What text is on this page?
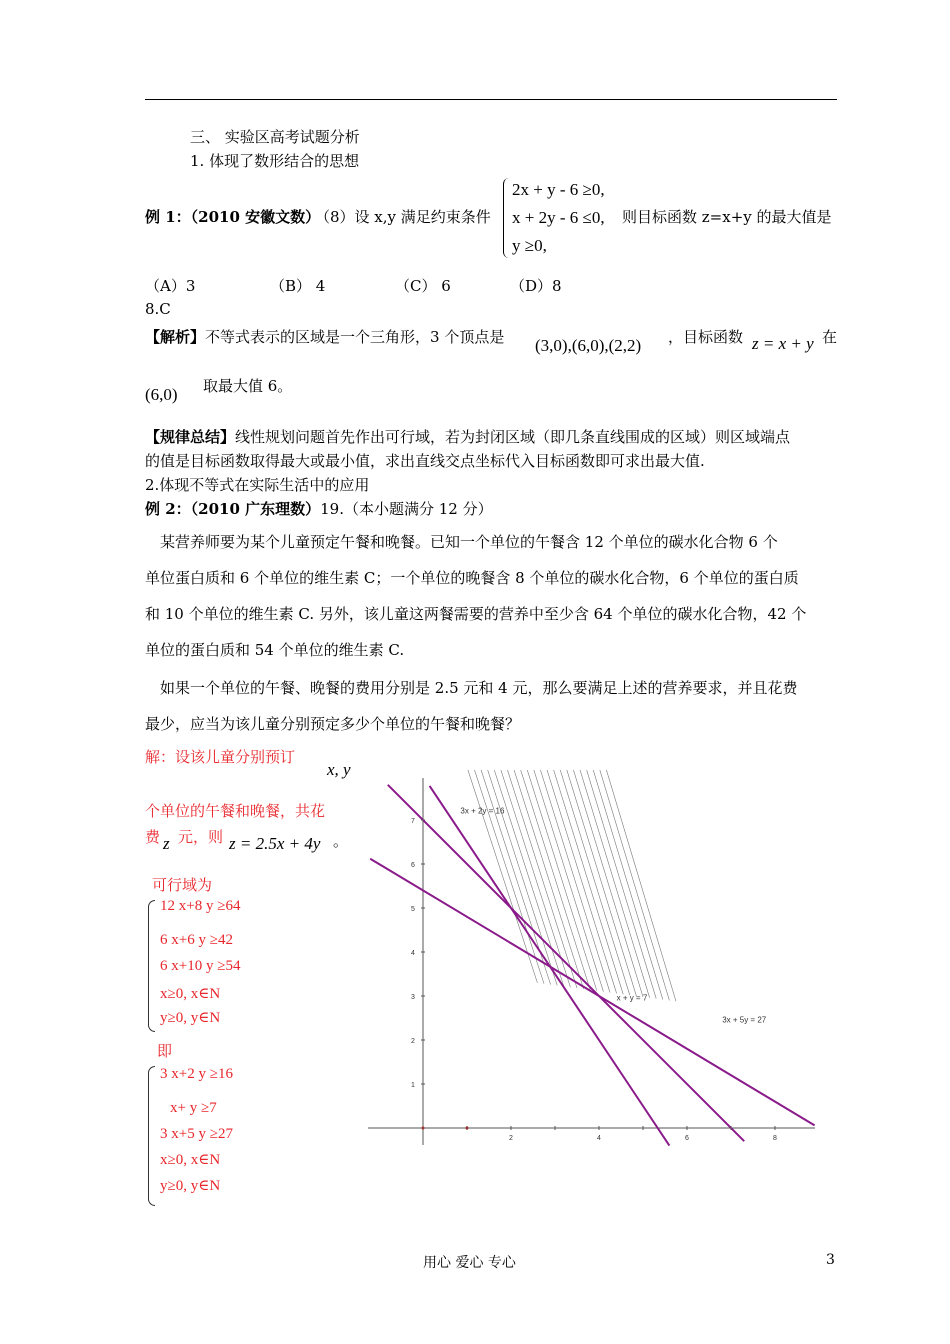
三、 实验区高考试题分析
1. 体现了数形结合的思想
例 1：（2010 安徽文数）
（8）设 x,y 满足约束条件
2x + y - 6 ≥0,
x + 2y - 6 ≤0,
y ≥0,
则目标函数 z=x+y 的最大值是
（A）3	（B） 4	（C） 6	（D）8
8.C
【解析】不等式表示的区域是一个三角形，3 个顶点是 (3,0),(6,0),(2,2) ，目标函数 z = x + y 在
(6,0) 取最大值 6。
【规律总结】线性规划问题首先作出可行域，若为封闭区域（即几条直线围成的区域）则区域端点
的值是目标函数取得最大或最小值，求出直线交点坐标代入目标函数即可求出最大值.
2.体现不等式在实际生活中的应用
例 2：（2010 广东理数）19.（本小题满分 12 分）
某营养师要为某个儿童预定午餐和晚餐。已知一个单位的午餐含 12 个单位的碳水化合物 6 个
单位蛋白质和 6 个单位的维生素 C；一个单位的晚餐含 8 个单位的碳水化合物，6 个单位的蛋白质
和 10 个单位的维生素 C. 另外，该儿童这两餐需要的营养中至少含 64 个单位的碳水化合物，42 个
单位的蛋白质和 54 个单位的维生素 C.
如果一个单位的午餐、晚餐的费用分别是 2.5 元和 4 元，那么要满足上述的营养要求，并且花费
最少，应当为该儿童分别预定多少个单位的午餐和晚餐？
解：设该儿童分别预订
x, y
个单位的午餐和晚餐，共花
费 z 元，则 z = 2.5x + 4y 。
可行域为
12 x+8 y ≥64
6 x+6 y ≥42
6 x+10 y ≥54
x≥0, x∈N
y≥0, y∈N
即
3 x+2 y ≥16
x+ y ≥7
3 x+5 y ≥27
x≥0, x∈N
y≥0, y∈N
2	4	6	8
1
2
3
4
5
6
7
3x + 2y = 16
x + y = 7
3x + 5y = 27
用心 爱心 专心	3
